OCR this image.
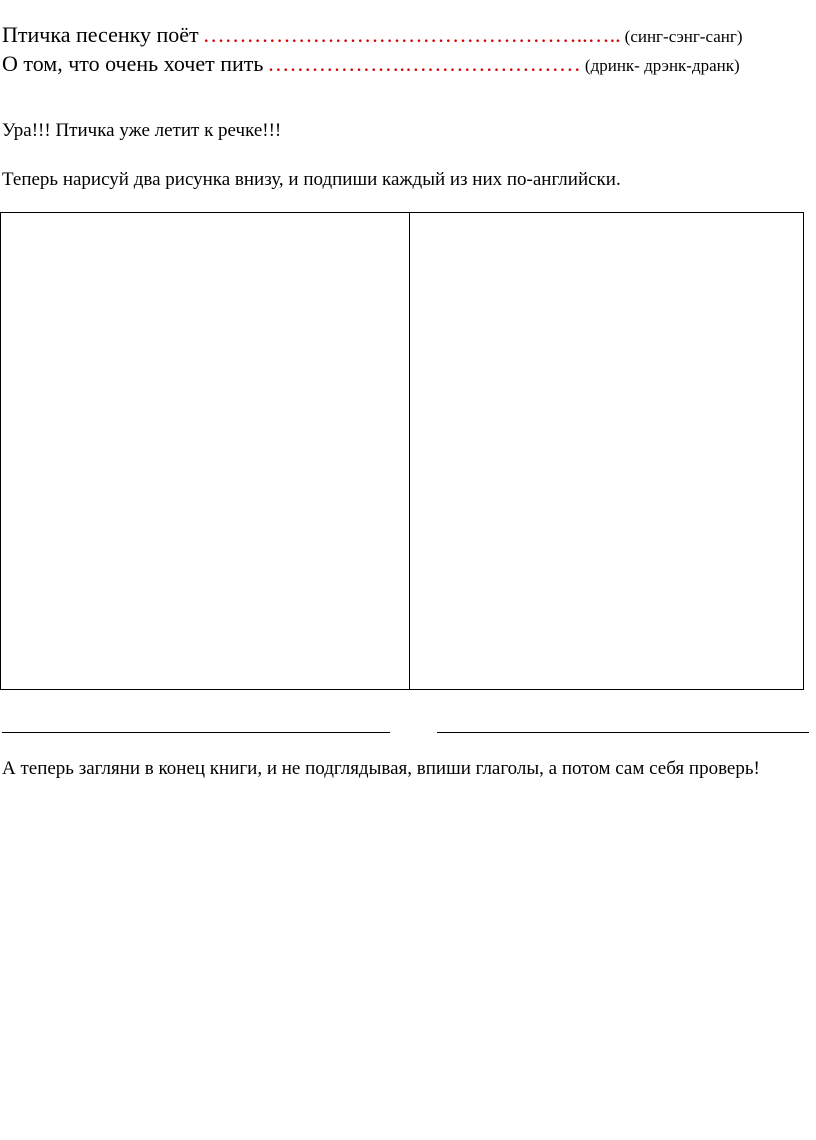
Птичка песенку поёт ……………………………………………..….. (синг-сэнг-санг)
О том, что очень хочет пить ……………….…………………… (дринк- дрэнк-дранк)
Ура!!! Птичка уже летит к речке!!!
Теперь нарисуй два рисунка внизу, и подпиши каждый из них по-английски.
А теперь загляни в конец книги, и не подглядывая, впиши глаголы, а потом сам себя проверь!
